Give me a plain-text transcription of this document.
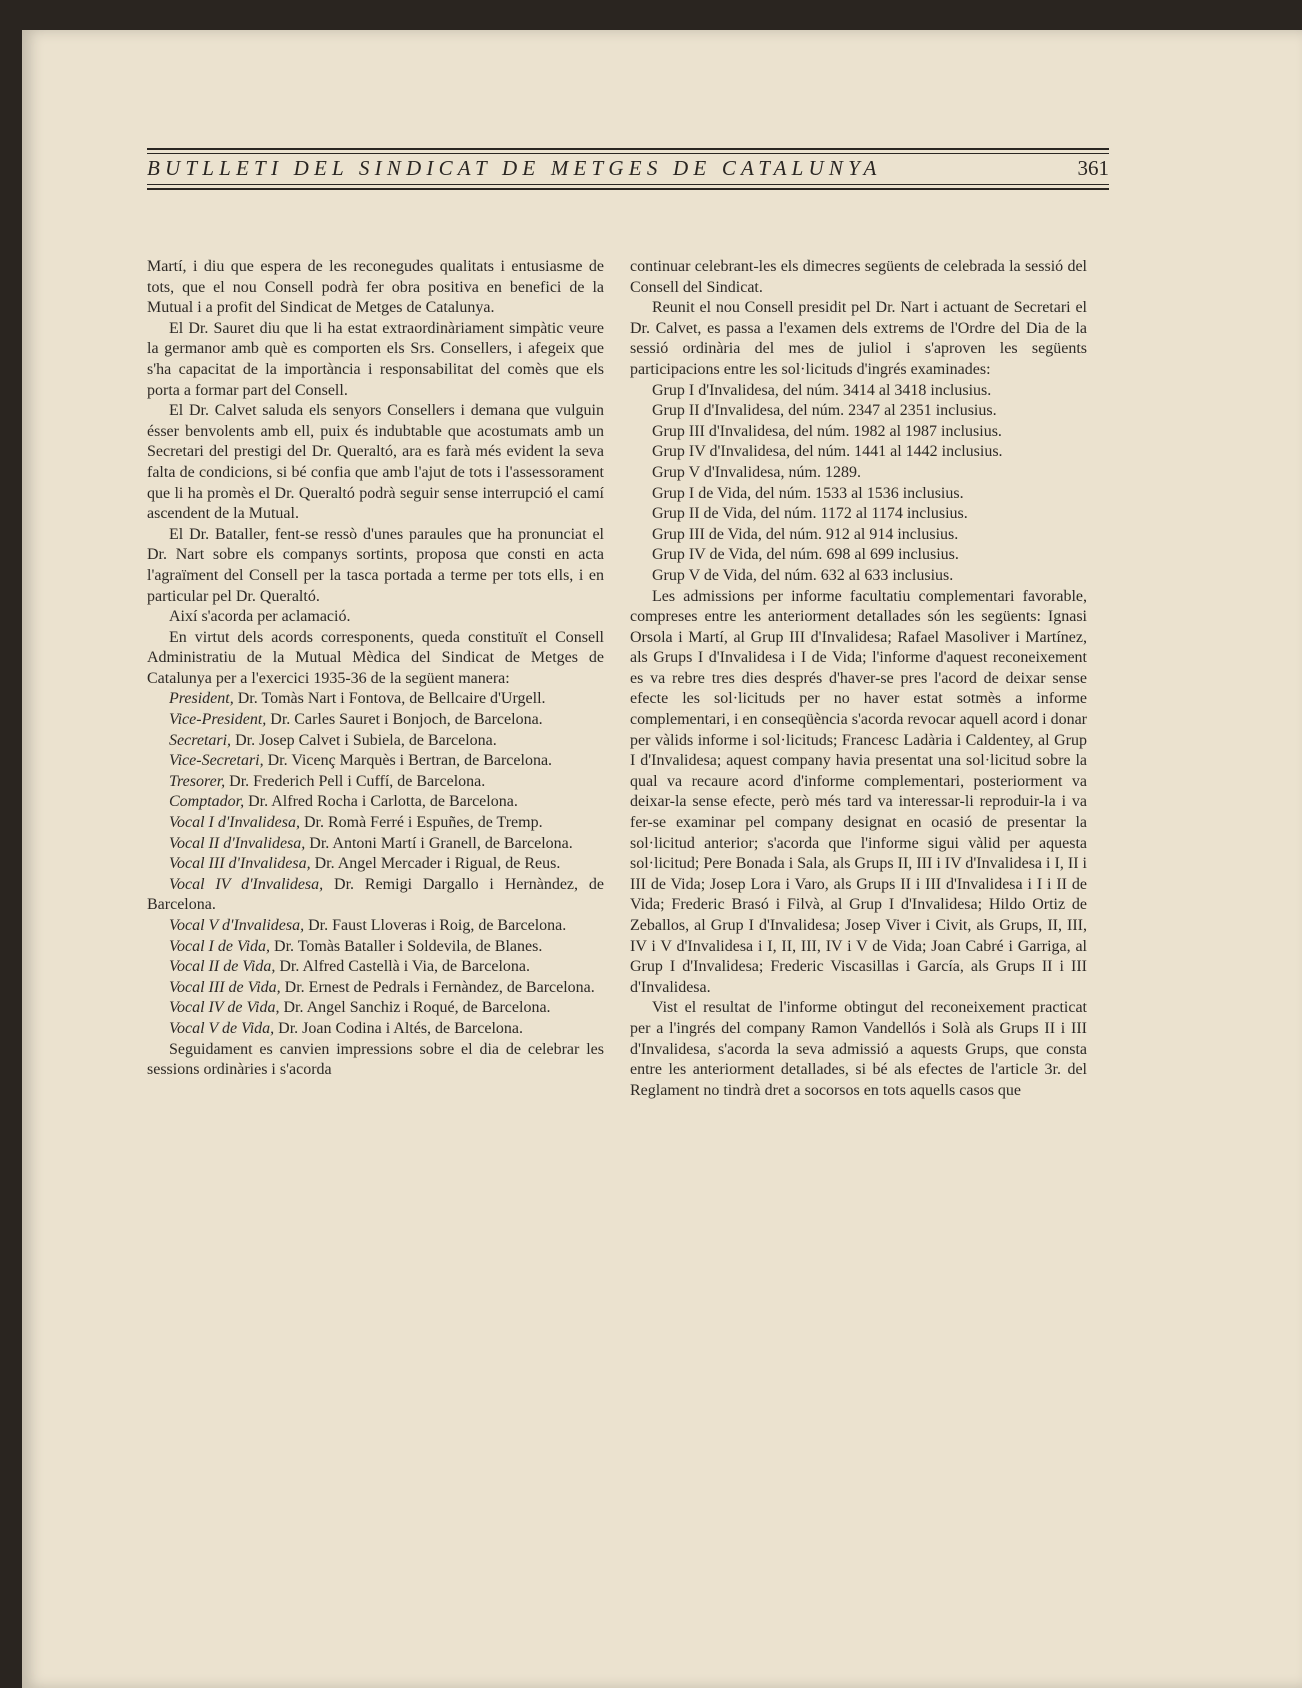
BUTLLETI DEL SINDICAT DE METGES DE CATALUNYA	361

Martí, i diu que espera de les reconegudes qualitats i entusiasme de tots, que el nou Consell podrà fer obra positiva en benefici de la Mutual i a profit del Sindicat de Metges de Catalunya.

El Dr. Sauret diu que li ha estat extraordinàriament simpàtic veure la germanor amb què es comporten els Srs. Consellers, i afegeix que s'ha capacitat de la importància i responsabilitat del comès que els porta a formar part del Consell.

El Dr. Calvet saluda els senyors Consellers i demana que vulguin ésser benvolents amb ell, puix és indubtable que acostumats amb un Secretari del prestigi del Dr. Queraltó, ara es farà més evident la seva falta de condicions, si bé confia que amb l'ajut de tots i l'assessorament que li ha promès el Dr. Queraltó podrà seguir sense interrupció el camí ascendent de la Mutual.

El Dr. Bataller, fent-se ressò d'unes paraules que ha pronunciat el Dr. Nart sobre els companys sortints, proposa que consti en acta l'agraïment del Consell per la tasca portada a terme per tots ells, i en particular pel Dr. Queraltó.

Així s'acorda per aclamació.

En virtut dels acords corresponents, queda constituït el Consell Administratiu de la Mutual Mèdica del Sindicat de Metges de Catalunya per a l'exercici 1935-36 de la següent manera:

President, Dr. Tomàs Nart i Fontova, de Bellcaire d'Urgell.

Vice-President, Dr. Carles Sauret i Bonjoch, de Barcelona.

Secretari, Dr. Josep Calvet i Subiela, de Barcelona.

Vice-Secretari, Dr. Vicenç Marquès i Bertran, de Barcelona.

Tresorer, Dr. Frederich Pell i Cuffí, de Barcelona.

Comptador, Dr. Alfred Rocha i Carlotta, de Barcelona.

Vocal I d'Invalidesa, Dr. Romà Ferré i Espuñes, de Tremp.

Vocal II d'Invalidesa, Dr. Antoni Martí i Granell, de Barcelona.

Vocal III d'Invalidesa, Dr. Angel Mercader i Rigual, de Reus.

Vocal IV d'Invalidesa, Dr. Remigi Dargallo i Hernàndez, de Barcelona.

Vocal V d'Invalidesa, Dr. Faust Lloveras i Roig, de Barcelona.

Vocal I de Vida, Dr. Tomàs Bataller i Soldevila, de Blanes.

Vocal II de Vida, Dr. Alfred Castellà i Via, de Barcelona.

Vocal III de Vida, Dr. Ernest de Pedrals i Fernàndez, de Barcelona.

Vocal IV de Vida, Dr. Angel Sanchiz i Roqué, de Barcelona.

Vocal V de Vida, Dr. Joan Codina i Altés, de Barcelona.

Seguidament es canvien impressions sobre el dia de celebrar les sessions ordinàries i s'acorda

continuar celebrant-les els dimecres següents de celebrada la sessió del Consell del Sindicat.

Reunit el nou Consell presidit pel Dr. Nart i actuant de Secretari el Dr. Calvet, es passa a l'examen dels extrems de l'Ordre del Dia de la sessió ordinària del mes de juliol i s'aproven les següents participacions entre les sol·licituds d'ingrés examinades:

Grup I d'Invalidesa, del núm. 3414 al 3418 inclusius.

Grup II d'Invalidesa, del núm. 2347 al 2351 inclusius.

Grup III d'Invalidesa, del núm. 1982 al 1987 inclusius.

Grup IV d'Invalidesa, del núm. 1441 al 1442 inclusius.

Grup V d'Invalidesa, núm. 1289.

Grup I de Vida, del núm. 1533 al 1536 inclusius.

Grup II de Vida, del núm. 1172 al 1174 inclusius.

Grup III de Vida, del núm. 912 al 914 inclusius.

Grup IV de Vida, del núm. 698 al 699 inclusius.

Grup V de Vida, del núm. 632 al 633 inclusius.

Les admissions per informe facultatiu complementari favorable, compreses entre les anteriorment detallades són les següents: Ignasi Orsola i Martí, al Grup III d'Invalidesa; Rafael Masoliver i Martínez, als Grups I d'Invalidesa i I de Vida; l'informe d'aquest reconeixement es va rebre tres dies després d'haver-se pres l'acord de deixar sense efecte les sol·licituds per no haver estat sotmès a informe complementari, i en conseqüència s'acorda revocar aquell acord i donar per vàlids informe i sol·licituds; Francesc Ladària i Caldentey, al Grup I d'Invalidesa; aquest company havia presentat una sol·licitud sobre la qual va recaure acord d'informe complementari, posteriorment va deixar-la sense efecte, però més tard va interessar-li reproduir-la i va fer-se examinar pel company designat en ocasió de presentar la sol·licitud anterior; s'acorda que l'informe sigui vàlid per aquesta sol·licitud; Pere Bonada i Sala, als Grups II, III i IV d'Invalidesa i I, II i III de Vida; Josep Lora i Varo, als Grups II i III d'Invalidesa i I i II de Vida; Frederic Brasó i Filvà, al Grup I d'Invalidesa; Hildo Ortiz de Zeballos, al Grup I d'Invalidesa; Josep Viver i Civit, als Grups, II, III, IV i V d'Invalidesa i I, II, III, IV i V de Vida; Joan Cabré i Garriga, al Grup I d'Invalidesa; Frederic Viscasillas i García, als Grups II i III d'Invalidesa.

Vist el resultat de l'informe obtingut del reconeixement practicat per a l'ingrés del company Ramon Vandellós i Solà als Grups II i III d'Invalidesa, s'acorda la seva admissió a aquests Grups, que consta entre les anteriorment detallades, si bé als efectes de l'article 3r. del Reglament no tindrà dret a socorsos en tots aquells casos que
